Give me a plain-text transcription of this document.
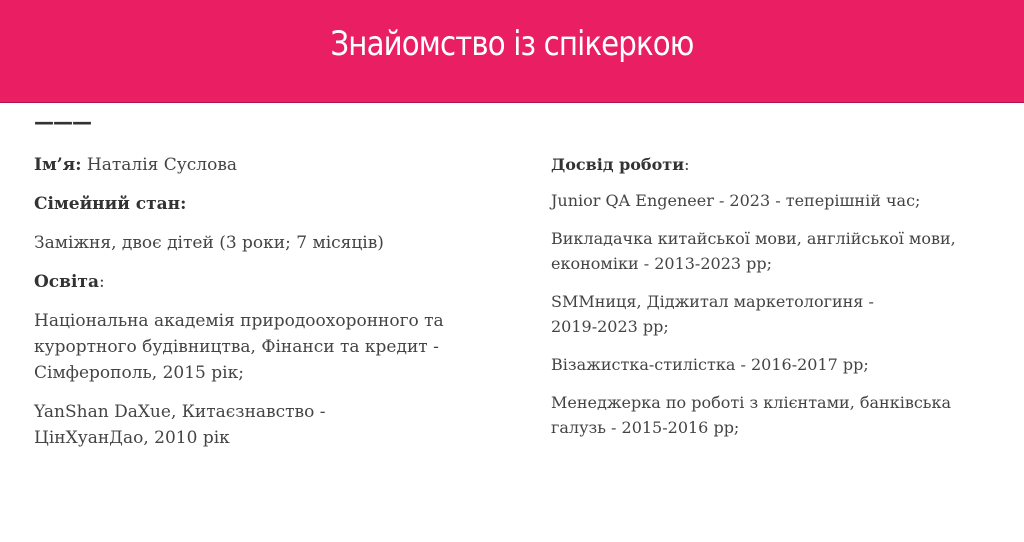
Знайомство із спікеркою
———

Ім’я: Наталія Суслова

Сімейний стан:

Заміжня, двоє дітей (3 роки; 7 місяців)

Освіта:

Національна академія природоохоронного та курортного будівництва, Фінанси та кредит - Сімферополь, 2015 рік;

YanShan DaXue, Китаєзнавство - ЦінХуанДао, 2010 рік

Досвід роботи:

Junior QA Engeneer - 2023 - теперішній час;

Викладачка китайської мови, англійської мови, економіки - 2013-2023 рр;

SMMниця, Діджитал маркетологиня - 2019-2023 рр;

Візажистка-стилістка - 2016-2017 рр;

Менеджерка по роботі з клієнтами, банківська галузь - 2015-2016 рр;
